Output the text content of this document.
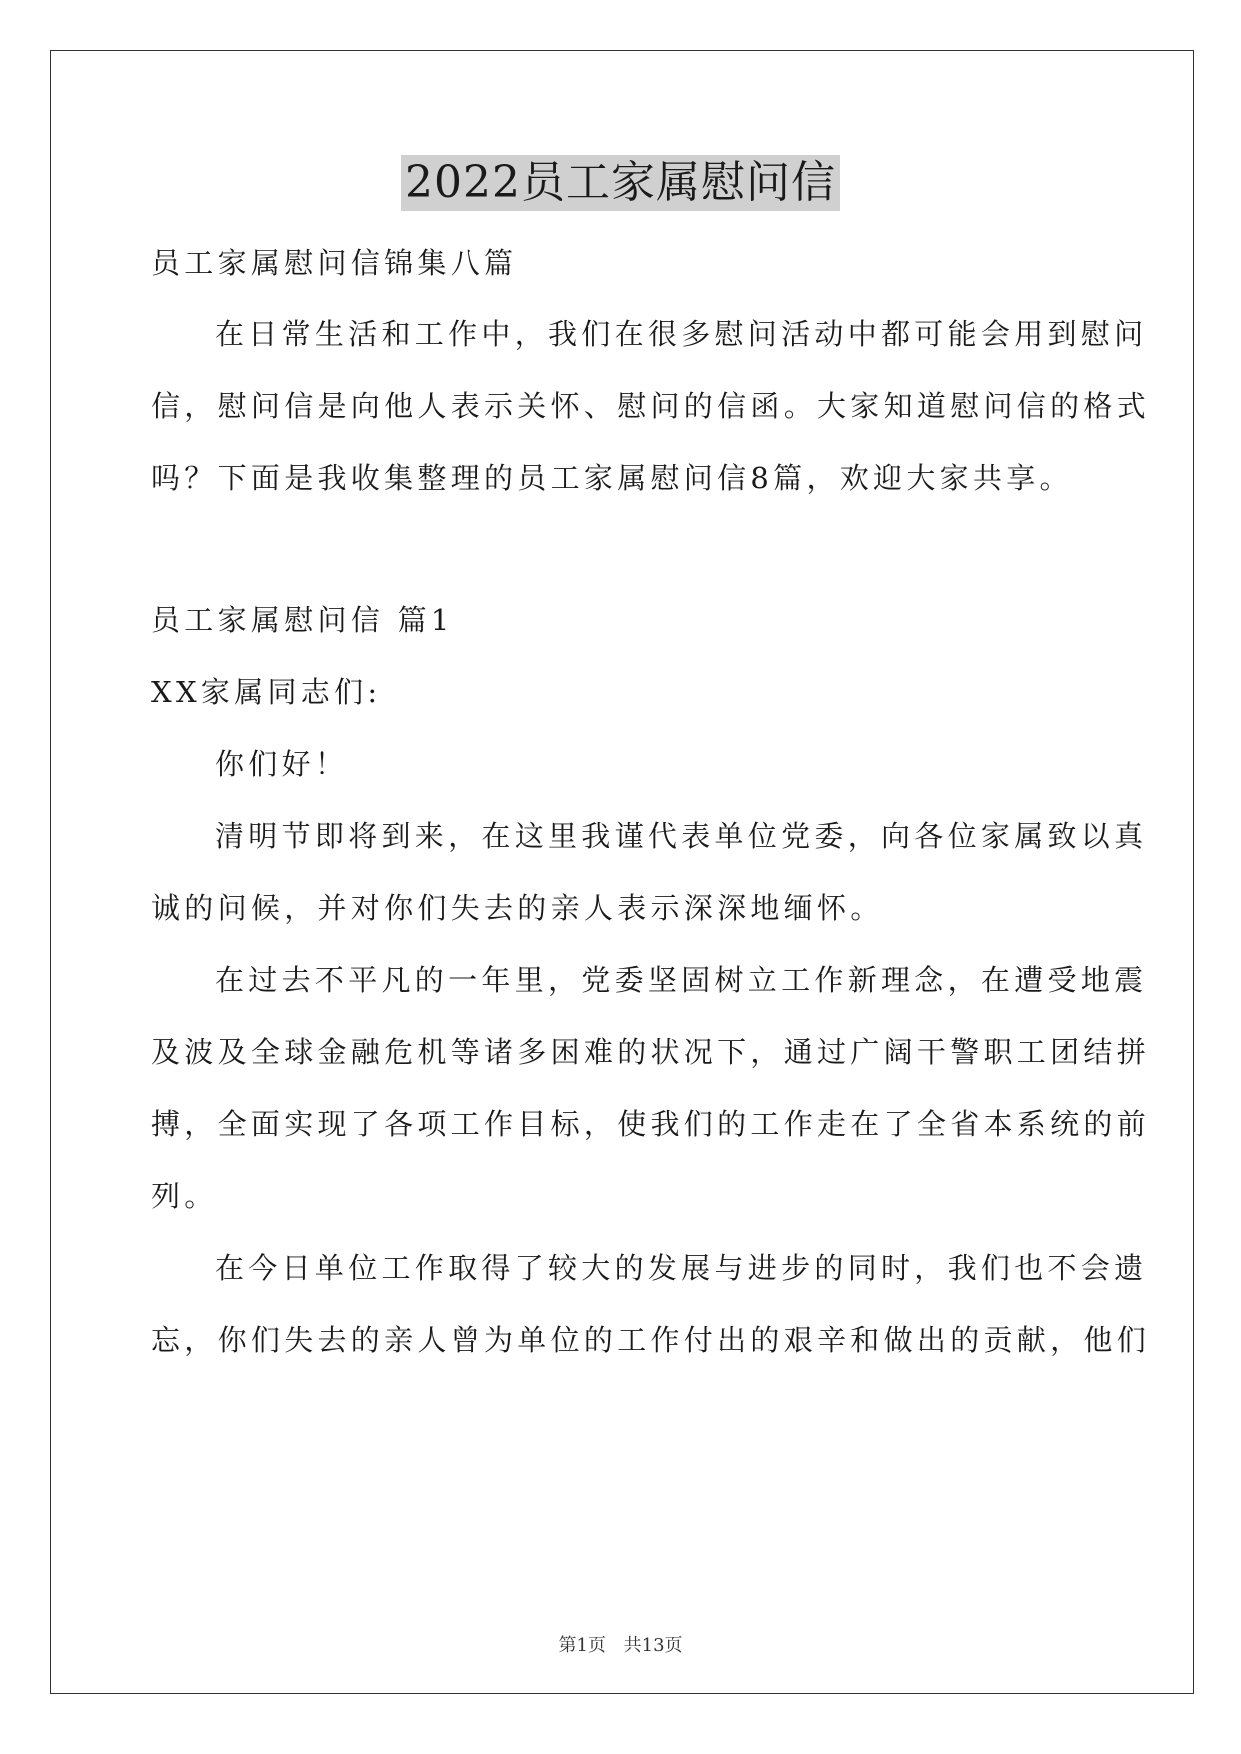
2022员工家属慰问信
员工家属慰问信锦集八篇
在日常生活和工作中，我们在很多慰问活动中都可能会用到慰问
信，慰问信是向他人表示关怀、慰问的信函。大家知道慰问信的格式
吗？下面是我收集整理的员工家属慰问信8篇，欢迎大家共享。
员工家属慰问信 篇1
XX家属同志们:
你们好！
清明节即将到来，在这里我谨代表单位党委，向各位家属致以真
诚的问候，并对你们失去的亲人表示深深地缅怀。
在过去不平凡的一年里，党委坚固树立工作新理念，在遭受地震
及波及全球金融危机等诸多困难的状况下，通过广阔干警职工团结拼
搏，全面实现了各项工作目标，使我们的工作走在了全省本系统的前
列。
在今日单位工作取得了较大的发展与进步的同时，我们也不会遗
忘，你们失去的亲人曾为单位的工作付出的艰辛和做出的贡献，他们
第1页 共13页
